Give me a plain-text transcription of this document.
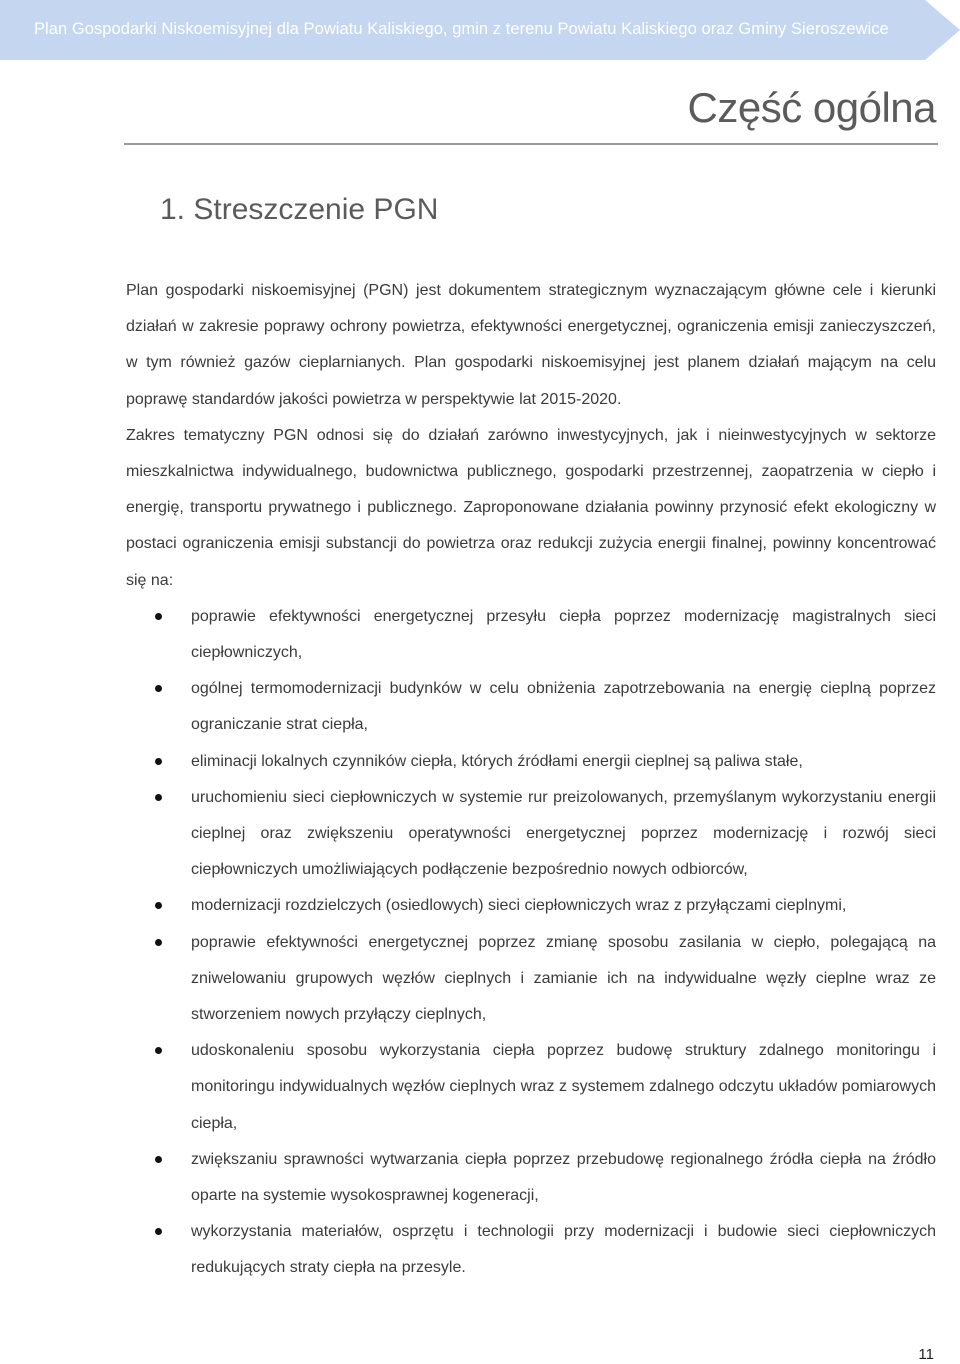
Plan Gospodarki Niskoemisyjnej dla Powiatu Kaliskiego, gmin z terenu Powiatu Kaliskiego oraz Gminy Sieroszewice
Część ogólna
1. Streszczenie PGN

Plan gospodarki niskoemisyjnej (PGN) jest dokumentem strategicznym wyznaczającym główne cele i kierunki działań w zakresie poprawy ochrony powietrza, efektywności energetycznej, ograniczenia emisji zanieczyszczeń, w tym również gazów cieplarnianych. Plan gospodarki niskoemisyjnej jest planem działań mającym na celu poprawę standardów jakości powietrza w perspektywie lat 2015-2020.

Zakres tematyczny PGN odnosi się do działań zarówno inwestycyjnych, jak i nieinwestycyjnych w sektorze mieszkalnictwa indywidualnego, budownictwa publicznego, gospodarki przestrzennej, zaopatrzenia w ciepło i energię, transportu prywatnego i publicznego. Zaproponowane działania powinny przynosić efekt ekologiczny w postaci ograniczenia emisji substancji do powietrza oraz redukcji zużycia energii finalnej, powinny koncentrować się na:

poprawie efektywności energetycznej przesyłu ciepła poprzez modernizację magistralnych sieci ciepłowniczych,
ogólnej termomodernizacji budynków w celu obniżenia zapotrzebowania na energię cieplną poprzez ograniczanie strat ciepła,
eliminacji lokalnych czynników ciepła, których źródłami energii cieplnej są paliwa stałe,
uruchomieniu sieci ciepłowniczych w systemie rur preizolowanych, przemyślanym wykorzystaniu energii cieplnej oraz zwiększeniu operatywności energetycznej poprzez modernizację i rozwój sieci ciepłowniczych umożliwiających podłączenie bezpośrednio nowych odbiorców,
modernizacji rozdzielczych (osiedlowych) sieci ciepłowniczych wraz z przyłączami cieplnymi,
poprawie efektywności energetycznej poprzez zmianę sposobu zasilania w ciepło, polegającą na zniwelowaniu grupowych węzłów cieplnych i zamianie ich na indywidualne węzły cieplne wraz ze stworzeniem nowych przyłączy cieplnych,
udoskonaleniu sposobu wykorzystania ciepła poprzez budowę struktury zdalnego monitoringu i monitoringu indywidualnych węzłów cieplnych wraz z systemem zdalnego odczytu układów pomiarowych ciepła,
zwiększaniu sprawności wytwarzania ciepła poprzez przebudowę regionalnego źródła ciepła na źródło oparte na systemie wysokosprawnej kogeneracji,
wykorzystania materiałów, osprzętu i technologii przy modernizacji i budowie sieci ciepłowniczych redukujących straty ciepła na przesyle.
11
